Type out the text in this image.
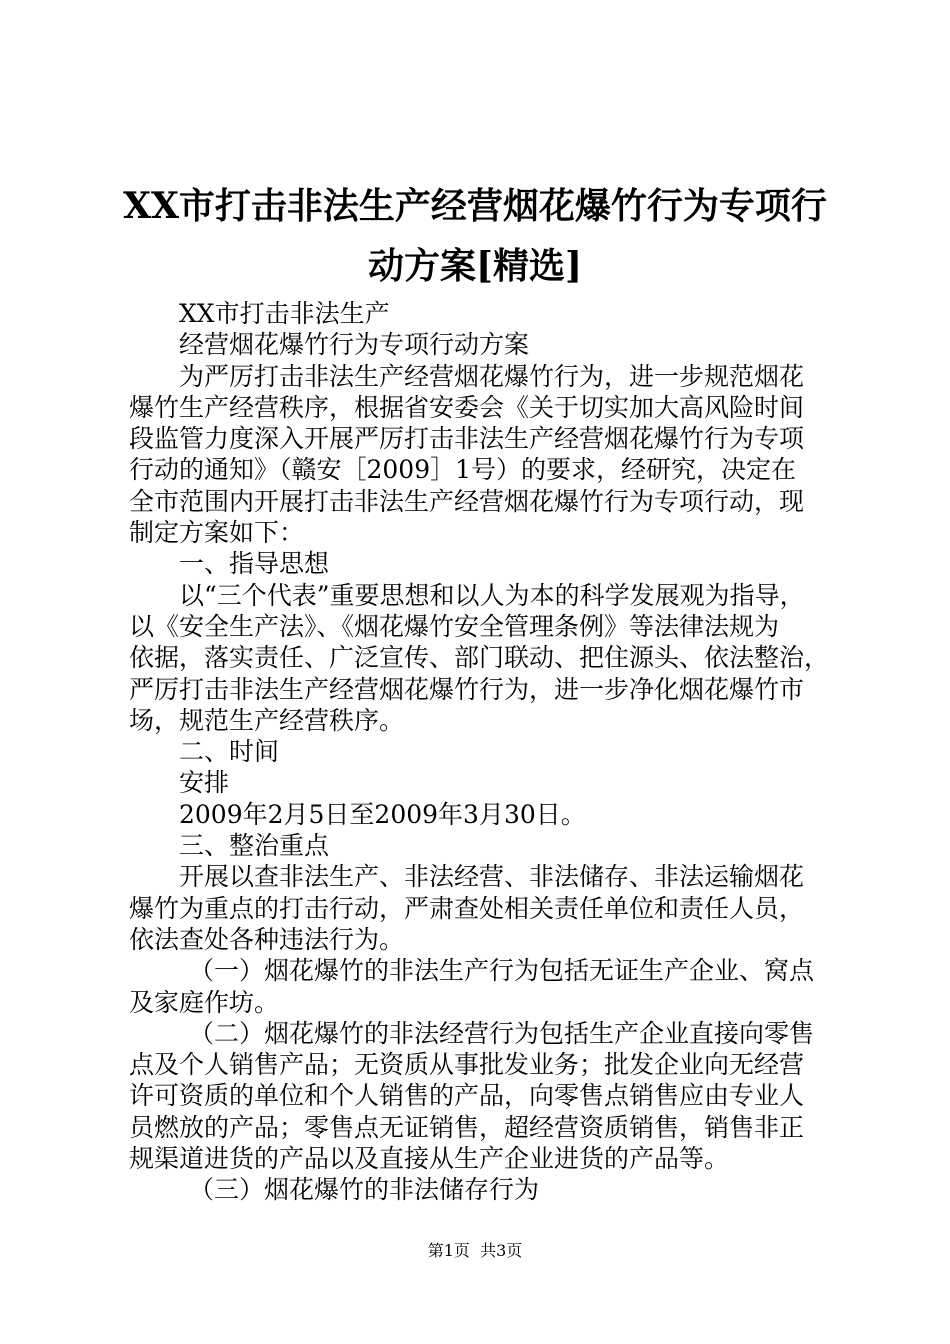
XX市打击非法生产经营烟花爆竹行为专项行
动方案[精选]

XX市打击非法生产

经营烟花爆竹行为专项行动方案

为严厉打击非法生产经营烟花爆竹行为，进一步规范烟花

爆竹生产经营秩序，根据省安委会《关于切实加大高风险时间

段监管力度深入开展严厉打击非法生产经营烟花爆竹行为专项

行动的通知》（赣安［2009］1号）的要求，经研究，决定在

全市范围内开展打击非法生产经营烟花爆竹行为专项行动，现

制定方案如下：

一、指导思想

以“三个代表”重要思想和以人为本的科学发展观为指导，

以《安全生产法》、《烟花爆竹安全管理条例》等法律法规为

依据，落实责任、广泛宣传、部门联动、把住源头、依法整治，

严厉打击非法生产经营烟花爆竹行为，进一步净化烟花爆竹市

场，规范生产经营秩序。

二、时间

安排

2009年2月5日至2009年3月30日。

三、整治重点

开展以查非法生产、非法经营、非法储存、非法运输烟花

爆竹为重点的打击行动，严肃查处相关责任单位和责任人员，

依法查处各种违法行为。

（一）烟花爆竹的非法生产行为包括无证生产企业、窝点

及家庭作坊。

（二）烟花爆竹的非法经营行为包括生产企业直接向零售

点及个人销售产品；无资质从事批发业务；批发企业向无经营

许可资质的单位和个人销售的产品，向零售点销售应由专业人

员燃放的产品；零售点无证销售，超经营资质销售，销售非正

规渠道进货的产品以及直接从生产企业进货的产品等。

（三）烟花爆竹的非法储存行为

第1页  共3页
